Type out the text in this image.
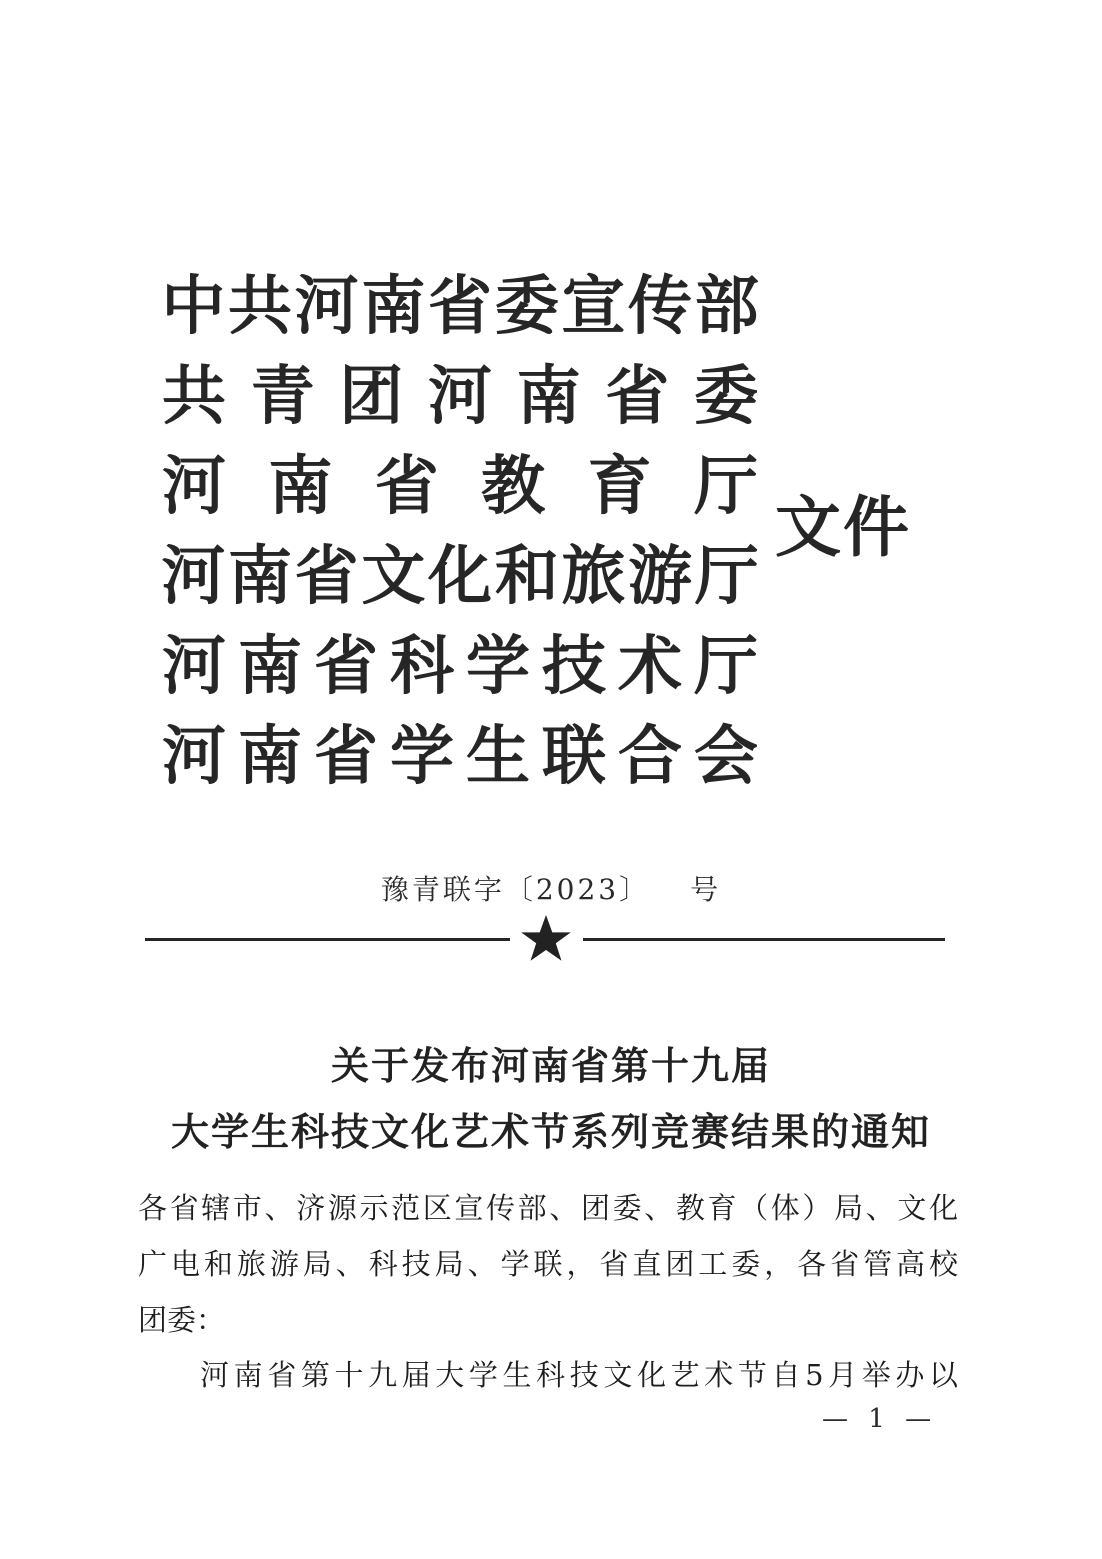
中 共 河 南 省 委 宣 传 部
共 青 团 河 南 省 委
河 南 省 教 育 厅
河 南 省 文 化 和 旅 游 厅
河 南 省 科 学 技 术 厅
河 南 省 学 生 联 合 会
文件
豫青联字〔2023〕 号
关于发布河南省第十九届
大学生科技文化艺术节系列竞赛结果的通知
各省辖市、济源示范区宣传部、团委、教育（体）局、文化
广电和旅游局、科技局、学联，省直团工委，各省管高校
团委：
河南省第十九届大学生科技文化艺术节自5月举办以
— 1 —
